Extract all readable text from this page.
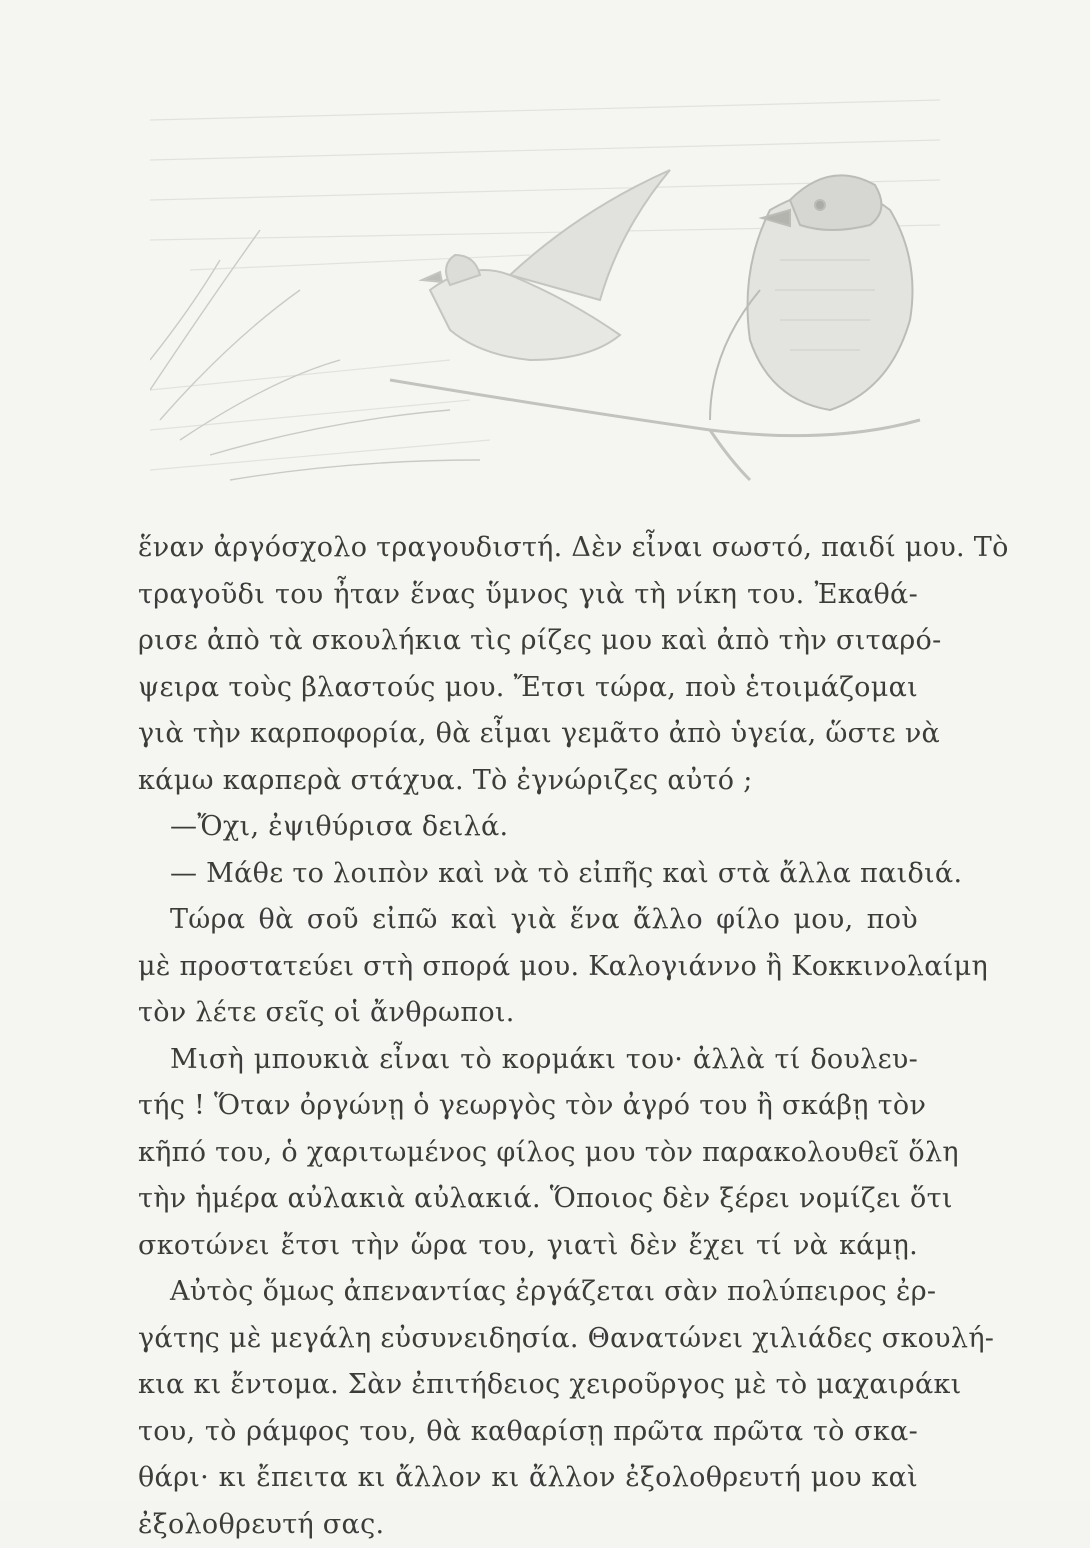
ἕναν ἀργόσχολο τραγουδιστή. Δὲν εἶναι σωστό, παιδί μου. Τὸ
τραγοῦδι του ἦταν ἕνας ὕμνος γιὰ τὴ νίκη του. Ἐκαθά-
ρισε ἀπὸ τὰ σκουλήκια τὶς ρίζες μου καὶ ἀπὸ τὴν σιταρό-
ψειρα τοὺς βλαστούς μου. Ἔτσι τώρα, ποὺ ἑτοιμάζομαι
γιὰ τὴν καρποφορία, θὰ εἶμαι γεμᾶτο ἀπὸ ὑγεία, ὥστε νὰ
κάμω καρπερὰ στάχυα. Τὸ ἐγνώριζες αὐτό ;
—Ὄχι, ἐψιθύρισα δειλά.
— Μάθε το λοιπὸν καὶ νὰ τὸ εἰπῆς καὶ στὰ ἄλλα παιδιά.
Τώρα θὰ σοῦ εἰπῶ καὶ γιὰ ἕνα ἄλλο φίλο μου, ποὺ
μὲ προστατεύει στὴ σπορά μου. Καλογιάννο ἢ Κοκκινολαίμη
τὸν λέτε σεῖς οἱ ἄνθρωποι.
Μισὴ μπουκιὰ εἶναι τὸ κορμάκι του· ἀλλὰ τί δουλευ-
τής ! Ὅταν ὀργώνῃ ὁ γεωργὸς τὸν ἀγρό του ἢ σκάβῃ τὸν
κῆπό του, ὁ χαριτωμένος φίλος μου τὸν παρακολουθεῖ ὅλη
τὴν ἡμέρα αὐλακιὰ αὐλακιά. Ὅποιος δὲν ξέρει νομίζει ὅτι
σκοτώνει ἔτσι τὴν ὥρα του, γιατὶ δὲν ἔχει τί νὰ κάμῃ.
Αὐτὸς ὅμως ἀπεναντίας ἐργάζεται σὰν πολύπειρος ἐρ-
γάτης μὲ μεγάλη εὐσυνειδησία. Θανατώνει χιλιάδες σκουλή-
κια κι ἔντομα. Σὰν ἐπιτήδειος χειροῦργος μὲ τὸ μαχαιράκι
του, τὸ ράμφος του, θὰ καθαρίσῃ πρῶτα πρῶτα τὸ σκα-
θάρι· κι ἔπειτα κι ἄλλον κι ἄλλον ἐξολοθρευτή μου καὶ
ἐξολοθρευτή σας.
